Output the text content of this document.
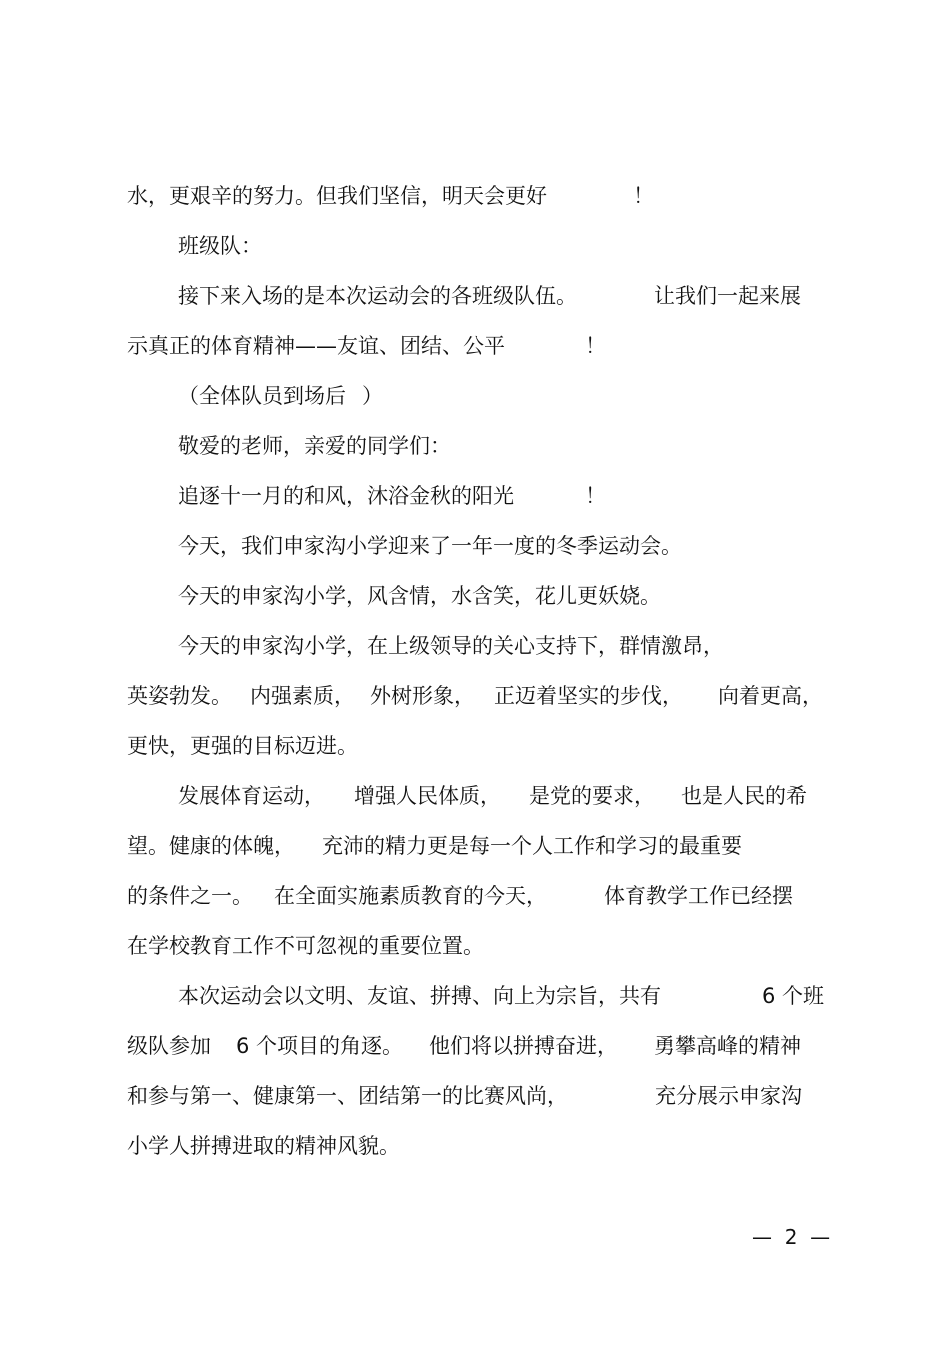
水，更艰辛的努力。但我们坚信，明天会更好

	！

班级队：

接下来入场的是本次运动会的各班级队伍。

	让我们一起来展

示真正的体育精神——友谊、团结、公平

	！

（全体队员到场后

）

敬爱的老师，亲爱的同学们：

追逐十一月的和风，沐浴金秋的阳光

	！

今天，我们申家沟小学迎来了一年一度的冬季运动会。

今天的申家沟小学，风含情，水含笑，花儿更妖娆。

今天的申家沟小学，在上级领导的关心支持下，群情激昂，

英姿勃发。

内强素质，

外树形象，

正迈着坚实的步伐，

向着更高，

更快，更强的目标迈进。

发展体育运动，

增强人民体质，

是党的要求，

也是人民的希

望。健康的体魄，

充沛的精力更是每一个人工作和学习的最重要

的条件之一。

在全面实施素质教育的今天，

	体育教学工作已经摆

在学校教育工作不可忽视的重要位置。

本次运动会以文明、友谊、拼搏、向上为宗旨，共有

	6 个班

级队参加

6 个项目的角逐。

他们将以拼搏奋进，

勇攀高峰的精神

和参与第一、健康第一、团结第一的比赛风尚，

	充分展示申家沟

小学人拼搏进取的精神风貌。

—  2  —
